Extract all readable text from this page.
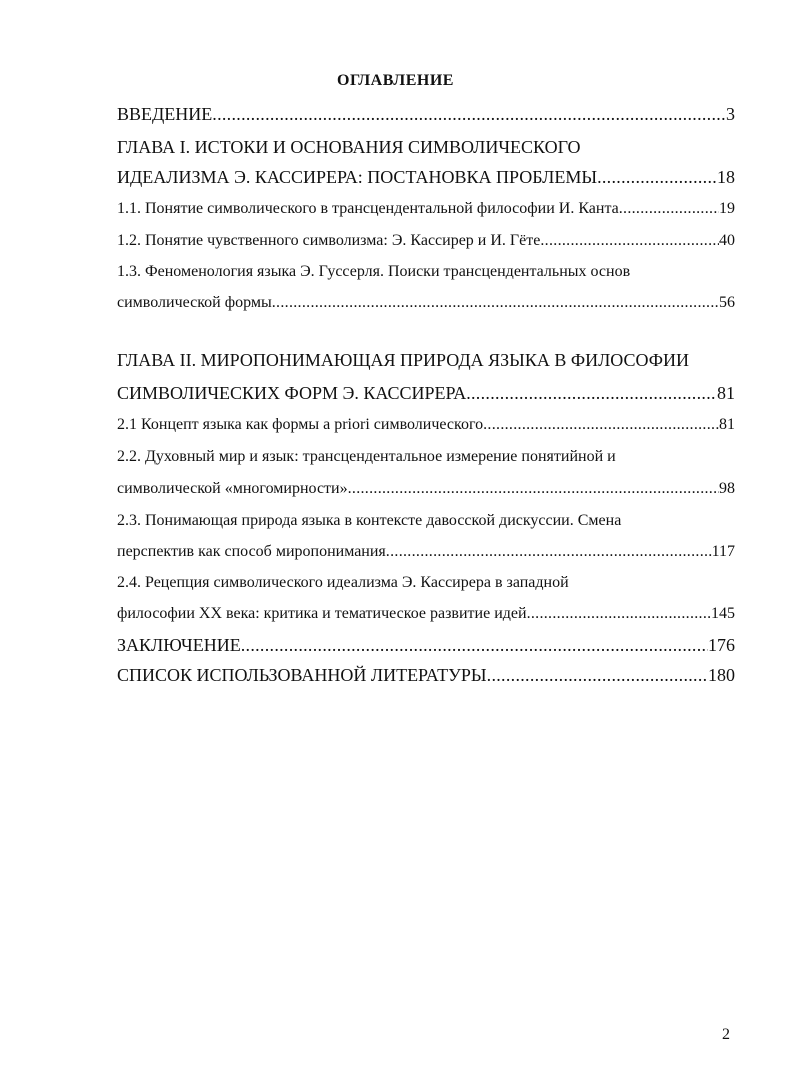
ОГЛАВЛЕНИЕ
ВВЕДЕНИЕ .....	3
ГЛАВА I. ИСТОКИ И ОСНОВАНИЯ СИМВОЛИЧЕСКОГО
ИДЕАЛИЗМА Э. КАССИРЕРА: ПОСТАНОВКА ПРОБЛЕМЫ .....	18
1.1. Понятие символического в трансцендентальной философии И. Канта .....	19
1.2. Понятие чувственного символизма: Э. Кассирер и И. Гёте .....	40
1.3. Феноменология языка Э. Гуссерля. Поиски трансцендентальных основ
символической формы .....	56
ГЛАВА II. МИРОПОНИМАЮЩАЯ ПРИРОДА ЯЗЫКА В ФИЛОСОФИИ
СИМВОЛИЧЕСКИХ ФОРМ Э. КАССИРЕРА .....	81
2.1 Концепт языка как формы a priori символического .....	81
2.2. Духовный мир и язык: трансцендентальное измерение понятийной и
символической «многомирности» .....	98
2.3. Понимающая природа языка в контексте давосской дискуссии. Смена
перспектив как способ миропонимания .....	117
2.4. Рецепция символического идеализма Э. Кассирера в западной
философии XX века: критика и тематическое развитие идей .....	145
ЗАКЛЮЧЕНИЕ .....	176
СПИСОК ИСПОЛЬЗОВАННОЙ ЛИТЕРАТУРЫ .....	180
2
